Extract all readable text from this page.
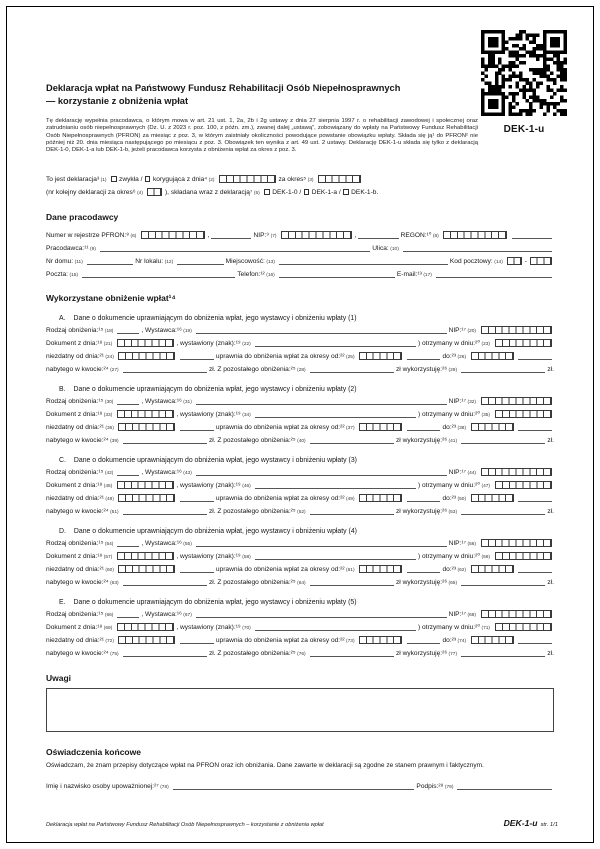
DEK-1-u
Deklaracja wpłat na Państwowy Fundusz Rehabilitacji Osób Niepełnosprawnych
— korzystanie z obniżenia wpłat

Tę deklarację wypełnia pracodawca, o którym mowa w art. 21 ust. 1, 2a, 2b i 2g ustawy z dnia 27 sierpnia 1997 r. o rehabilitacji zawodowej i społecznej oraz zatrudnianiu osób niepełnosprawnych (Dz. U. z 2023 r. poz. 100, z późn. zm.), zwanej dalej „ustawą”, zobowiązany do wpłaty na Państwowy Fundusz Rehabilitacji Osób Niepełnosprawnych (PFRON) za miesiąc z poz. 3, w którym zaistniały okoliczności powodujące powstanie obowiązku wpłaty. Składa się ją¹ do PFRON² nie później niż 20. dnia miesiąca następującego po miesiącu z poz. 3. Obowiązek ten wynika z art. 49 ust. 2 ustawy. Deklarację DEK-1-u składa się tylko z deklaracją DEK-1-0, DEK-1-a lub DEK-1-b, jeżeli pracodawca korzysta z obniżenia wpłat za okres z poz. 3.

To jest deklaracja³ (1) zwykła / korygująca z dnia⁴ (2)	za okres⁵ (3)
(nr kolejny deklaracji za okres⁶ (4)	), składana wraz z deklaracją⁷ (5) DEK-1-0 / DEK-1-a / DEK-1-b.
Dane pracodawcy
Numer w rejestrze PFRON:⁸ (6)	,	NIP:⁹ (7)	,	REGON:¹⁰ (8)
Pracodawca:¹¹ (9)	Ulica: (10)
Nr domu: (11)	Nr lokalu: (12)	Miejscowość: (13)	Kod pocztowy: (14)	-
Poczta: (15)	Telefon:¹² (16)	E-mail:¹³ (17)
Wykorzystane obniżenie wpłat¹⁴
A. Dane o dokumencie uprawniającym do obniżenia wpłat, jego wystawcy i obniżeniu wpłaty (1)
Rodzaj obniżenia:¹⁵ (18)	, Wystawca:¹⁶ (19)	NIP:¹⁷ (20)
Dokument z dnia:¹⁸ (21)	, wystawiony (znak):¹⁹ (22)	) otrzymany w dniu:²⁰ (23)
niezdatny od dnia:²¹ (24)	uprawnia do obniżenia wpłat za okresy od:²² (25)	do:²³ (26)
nabytego w kwocie:²⁴ (27)	zł. Z pozostałego obniżenia:²⁵ (28)	zł wykorzystuję:²⁶ (29)	zł.
B. Dane o dokumencie uprawniającym do obniżenia wpłat, jego wystawcy i obniżeniu wpłaty (2)
Rodzaj obniżenia:¹⁵ (30)	, Wystawca:¹⁶ (31)	NIP:¹⁷ (32)
Dokument z dnia:¹⁸ (33)	, wystawiony (znak):¹⁹ (34)	) otrzymany w dniu:²⁰ (35)
niezdatny od dnia:²¹ (36)	uprawnia do obniżenia wpłat za okresy od:²² (37)	do:²³ (38)
nabytego w kwocie:²⁴ (39)	zł. Z pozostałego obniżenia:²⁵ (40)	zł wykorzystuję:²⁶ (41)	zł.
C. Dane o dokumencie uprawniającym do obniżenia wpłat, jego wystawcy i obniżeniu wpłaty (3)
Rodzaj obniżenia:¹⁵ (42)	, Wystawca:¹⁶ (43)	NIP:¹⁷ (44)
Dokument z dnia:¹⁸ (45)	, wystawiony (znak):¹⁹ (46)	) otrzymany w dniu:²⁰ (47)
niezdatny od dnia:²¹ (48)	uprawnia do obniżenia wpłat za okresy od:²² (49)	do:²³ (50)
nabytego w kwocie:²⁴ (51)	zł. Z pozostałego obniżenia:²⁵ (52)	zł wykorzystuję:²⁶ (53)	zł.
D. Dane o dokumencie uprawniającym do obniżenia wpłat, jego wystawcy i obniżeniu wpłaty (4)
Rodzaj obniżenia:¹⁵ (54)	, Wystawca:¹⁶ (55)	NIP:¹⁷ (56)
Dokument z dnia:¹⁸ (57)	, wystawiony (znak):¹⁹ (58)	) otrzymany w dniu:²⁰ (59)
niezdatny od dnia:²¹ (60)	uprawnia do obniżenia wpłat za okresy od:²² (61)	do:²³ (62)
nabytego w kwocie:²⁴ (63)	zł. Z pozostałego obniżenia:²⁵ (64)	zł wykorzystuję:²⁶ (65)	zł.
E. Dane o dokumencie uprawniającym do obniżenia wpłat, jego wystawcy i obniżeniu wpłaty (5)
Rodzaj obniżenia:¹⁵ (66)	, Wystawca:¹⁶ (67)	NIP:¹⁷ (68)
Dokument z dnia:¹⁸ (69)	, wystawiony (znak):¹⁹ (70)	) otrzymany w dniu:²⁰ (71)
niezdatny od dnia:²¹ (72)	uprawnia do obniżenia wpłat za okresy od:²² (73)	do:²³ (74)
nabytego w kwocie:²⁴ (75)	zł. Z pozostałego obniżenia:²⁵ (76)	zł wykorzystuję:²⁶ (77)	zł.
Uwagi
Oświadczenia końcowe

Oświadczam, że znam przepisy dotyczące wpłat na PFRON oraz ich obniżania. Dane zawarte w deklaracji są zgodne ze stanem prawnym i faktycznym.

Imię i nazwisko osoby upoważnionej:²⁷ (78)	Podpis:²⁸ (79)
Deklaracja wpłat na Państwowy Fundusz Rehabilitacji Osób Niepełnosprawnych – korzystanie z obniżenia wpłat	DEK-1-u str. 1/1
